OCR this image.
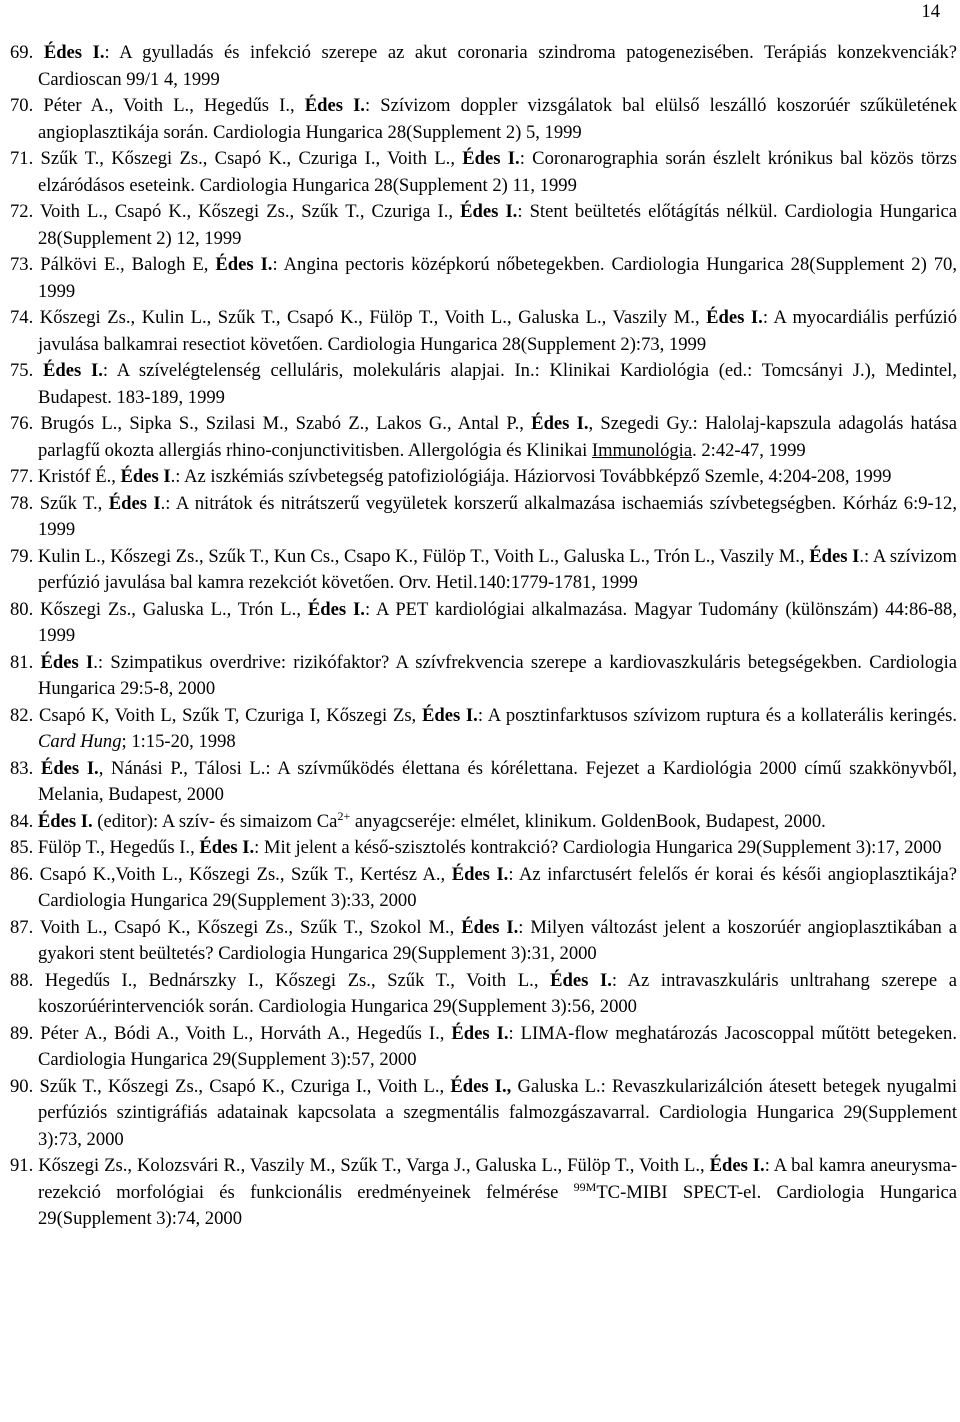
14

69. Édes I.: A gyulladás és infekció szerepe az akut coronaria szindroma patogenezisében. Terápiás konzekvenciák? Cardioscan 99/1 4, 1999

70. Péter A., Voith L., Hegedűs I., Édes I.: Szívizom doppler vizsgálatok bal elülső leszálló koszorúér szűkületének angioplasztikája során. Cardiologia Hungarica 28(Supplement 2) 5, 1999

71. Szűk T., Kőszegi Zs., Csapó K., Czuriga I., Voith L., Édes I.: Coronarographia során észlelt krónikus bal közös törzs elzáródásos eseteink. Cardiologia Hungarica 28(Supplement 2) 11, 1999

72. Voith L., Csapó K., Kőszegi Zs., Szűk T., Czuriga I., Édes I.: Stent beültetés előtágítás nélkül. Cardiologia Hungarica 28(Supplement 2) 12, 1999

73. Pálkövi E., Balogh E, Édes I.: Angina pectoris középkorú nőbetegekben. Cardiologia Hungarica 28(Supplement 2) 70, 1999

74. Kőszegi Zs., Kulin L., Szűk T., Csapó K., Fülöp T., Voith L., Galuska L., Vaszily M., Édes I.: A myocardiális perfúzió javulása balkamrai resectiot követően. Cardiologia Hungarica 28(Supplement 2):73, 1999

75. Édes I.: A szívelégtelenség celluláris, molekuláris alapjai. In.: Klinikai Kardiológia (ed.: Tomcsányi J.), Medintel, Budapest. 183-189, 1999

76. Brugós L., Sipka S., Szilasi M., Szabó Z., Lakos G., Antal P., Édes I., Szegedi Gy.: Halolaj-kapszula adagolás hatása parlagfű okozta allergiás rhino-conjunctivitisben. Allergológia és Klinikai Immunológia. 2:42-47, 1999

77. Kristóf É., Édes I.: Az iszkémiás szívbetegség patofiziológiája. Háziorvosi Továbbképző Szemle, 4:204-208, 1999

78. Szűk T., Édes I.: A nitrátok és nitrátszerű vegyületek korszerű alkalmazása ischaemiás szívbetegségben. Kórház 6:9-12, 1999

79. Kulin L., Kőszegi Zs., Szűk T., Kun Cs., Csapo K., Fülöp T., Voith L., Galuska L., Trón L., Vaszily M., Édes I.: A szívizom perfúzió javulása bal kamra rezekciót követően. Orv. Hetil.140:1779-1781, 1999

80. Kőszegi Zs., Galuska L., Trón L., Édes I.: A PET kardiológiai alkalmazása. Magyar Tudomány (különszám) 44:86-88, 1999

81. Édes I.: Szimpatikus overdrive: rizikófaktor? A szívfrekvencia szerepe a kardiovaszkuláris betegségekben. Cardiologia Hungarica 29:5-8, 2000

82. Csapó K, Voith L, Szűk T, Czuriga I, Kőszegi Zs, Édes I.: A posztinfarktusos szívizom ruptura és a kollaterális keringés. Card Hung; 1:15-20, 1998

83. Édes I., Nánási P., Tálosi L.: A szívműködés élettana és kórélettana. Fejezet a Kardiológia 2000 című szakkönyvből, Melania, Budapest, 2000

84. Édes I. (editor): A szív- és simaizom $Ca^{2+}$ anyagcseréje: elmélet, klinikum. GoldenBook, Budapest, 2000.

85. Fülöp T., Hegedűs I., Édes I.: Mit jelent a késő-szisztolés kontrakció? Cardiologia Hungarica 29(Supplement 3):17, 2000

86. Csapó K.,Voith L., Kőszegi Zs., Szűk T., Kertész A., Édes I.: Az infarctusért felelős ér korai és késői angioplasztikája? Cardiologia Hungarica 29(Supplement 3):33, 2000

87. Voith L., Csapó K., Kőszegi Zs., Szűk T., Szokol M., Édes I.: Milyen változást jelent a koszorúér angioplasztikában a gyakori stent beültetés? Cardiologia Hungarica 29(Supplement 3):31, 2000

88. Hegedűs I., Bednárszky I., Kőszegi Zs., Szűk T., Voith L., Édes I.: Az intravaszkuláris unltrahang szerepe a koszorúérintervenciók során. Cardiologia Hungarica 29(Supplement 3):56, 2000

89. Péter A., Bódi A., Voith L., Horváth A., Hegedűs I., Édes I.: LIMA-flow meghatározás Jacoscoppal műtött betegeken. Cardiologia Hungarica 29(Supplement 3):57, 2000

90. Szűk T., Kőszegi Zs., Csapó K., Czuriga I., Voith L., Édes I., Galuska L.: Revaszkularizálción átesett betegek nyugalmi perfúziós szintigráfiás adatainak kapcsolata a szegmentális falmozgászavarral. Cardiologia Hungarica 29(Supplement 3):73, 2000

91. Kőszegi Zs., Kolozsvári R., Vaszily M., Szűk T., Varga J., Galuska L., Fülöp T., Voith L., Édes I.: A bal kamra aneurysma-rezekció morfológiai és funkcionális eredményeinek felmérése $^{99M}$TC-MIBI SPECT-el. Cardiologia Hungarica 29(Supplement 3):74, 2000
